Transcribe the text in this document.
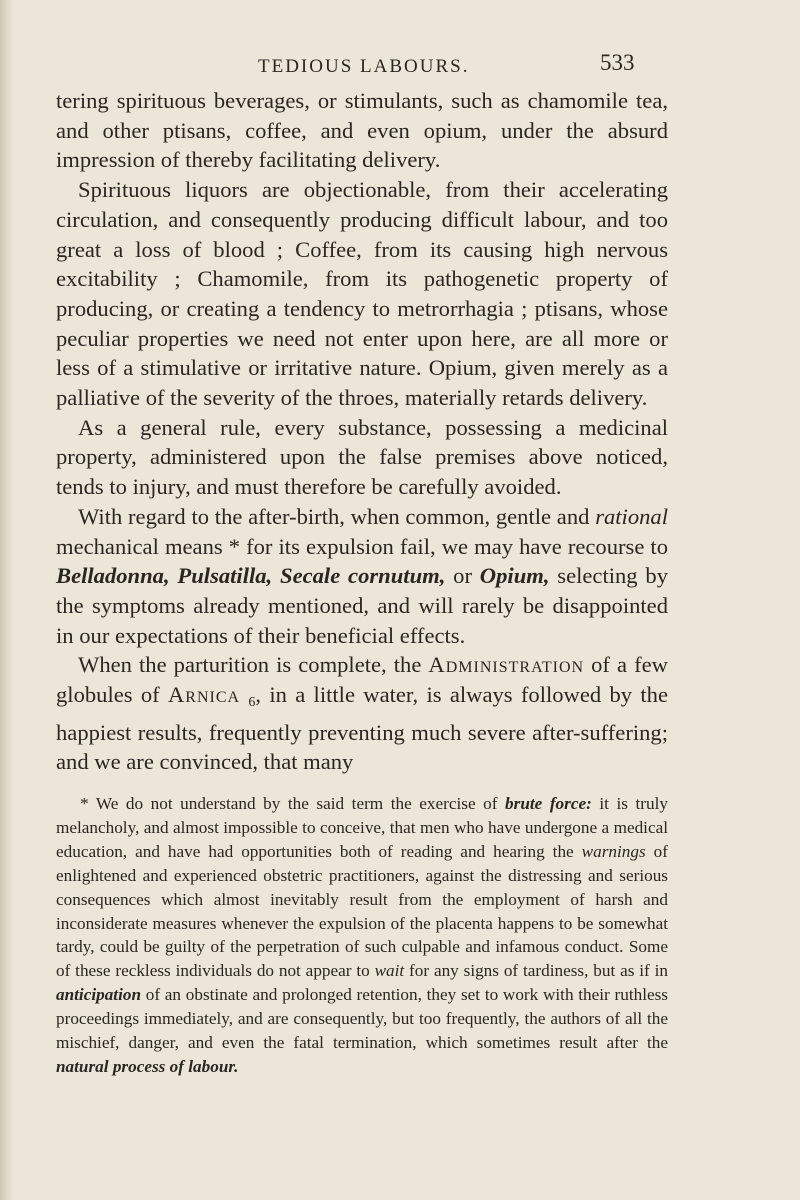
TEDIOUS LABOURS.	533

tering spirituous beverages, or stimulants, such as chamomile tea, and other ptisans, coffee, and even opium, under the absurd impression of thereby facilitating delivery.

Spirituous liquors are objectionable, from their accelerating circulation, and consequently producing difficult labour, and too great a loss of blood ; Coffee, from its causing high nervous excitability ; Chamomile, from its pathogenetic property of producing, or creating a tendency to metrorrhagia ; ptisans, whose peculiar properties we need not enter upon here, are all more or less of a stimulative or irritative nature. Opium, given merely as a palliative of the severity of the throes, materially retards delivery.

As a general rule, every substance, possessing a medicinal property, administered upon the false premises above noticed, tends to injury, and must therefore be carefully avoided.

With regard to the after-birth, when common, gentle and rational mechanical means * for its expulsion fail, we may have recourse to Belladonna, Pulsatilla, Secale cornutum, or Opium, selecting by the symptoms already mentioned, and will rarely be disappointed in our expectations of their beneficial effects.

When the parturition is complete, the Administration of a few globules of Arnica $_6$, in a little water, is always followed by the happiest results, frequently preventing much severe after-suffering; and we are convinced, that many

* We do not understand by the said term the exercise of brute force: it is truly melancholy, and almost impossible to conceive, that men who have undergone a medical education, and have had opportunities both of reading and hearing the warnings of enlightened and experienced obstetric practitioners, against the distressing and serious consequences which almost inevitably result from the employment of harsh and inconsiderate measures whenever the expulsion of the placenta happens to be somewhat tardy, could be guilty of the perpetration of such culpable and infamous conduct. Some of these reckless individuals do not appear to wait for any signs of tardiness, but as if in anticipation of an obstinate and prolonged retention, they set to work with their ruthless proceedings immediately, and are consequently, but too frequently, the authors of all the mischief, danger, and even the fatal termination, which sometimes result after the natural process of labour.
